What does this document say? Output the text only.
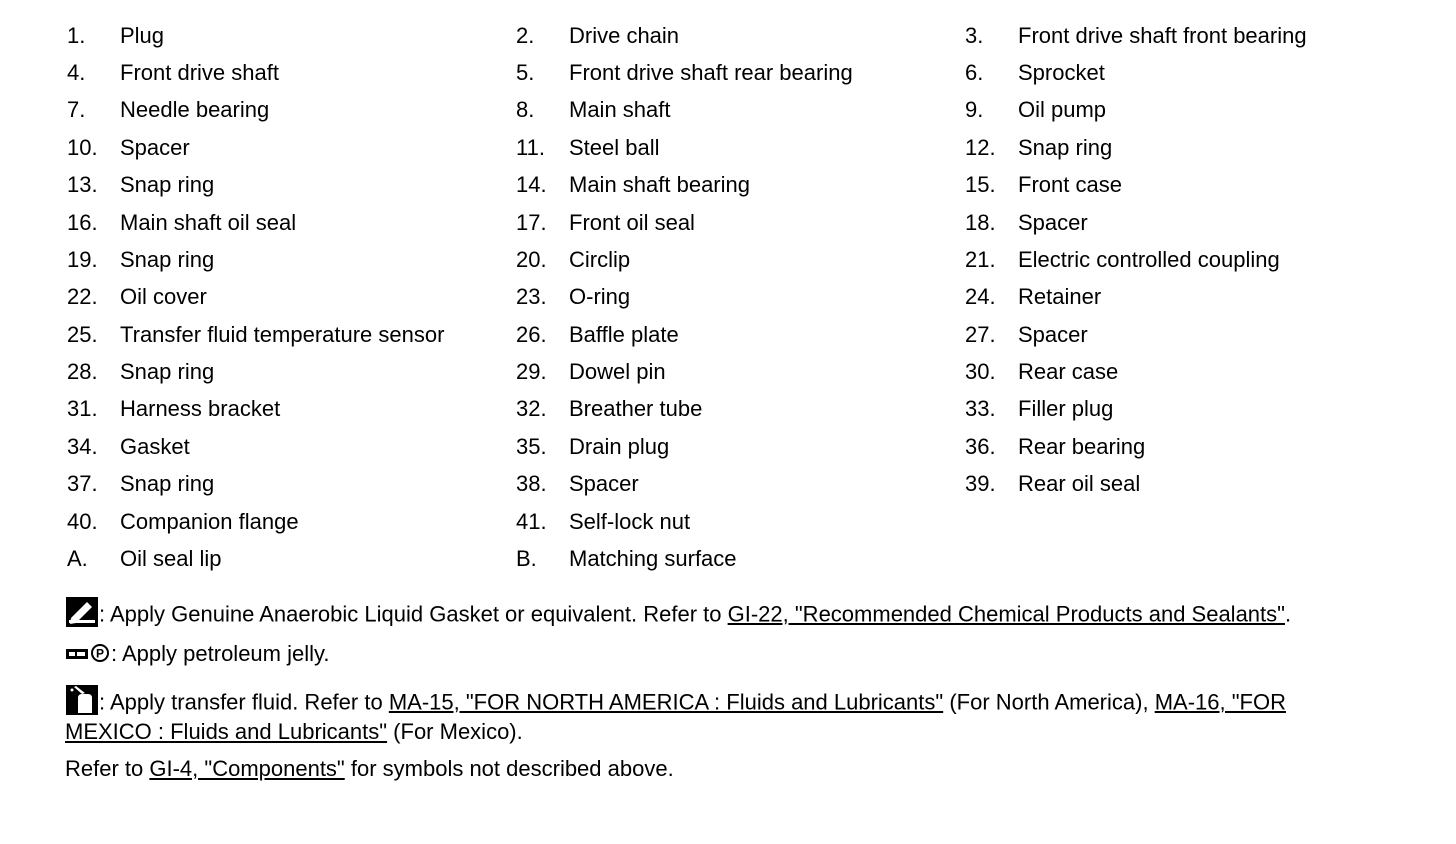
1. Plug	2. Drive chain	3. Front drive shaft front bearing
4. Front drive shaft	5. Front drive shaft rear bearing	6. Sprocket
7. Needle bearing	8. Main shaft	9. Oil pump
10. Spacer	11. Steel ball	12. Snap ring
13. Snap ring	14. Main shaft bearing	15. Front case
16. Main shaft oil seal	17. Front oil seal	18. Spacer
19. Snap ring	20. Circlip	21. Electric controlled coupling
22. Oil cover	23. O-ring	24. Retainer
25. Transfer fluid temperature sensor	26. Baffle plate	27. Spacer
28. Snap ring	29. Dowel pin	30. Rear case
31. Harness bracket	32. Breather tube	33. Filler plug
34. Gasket	35. Drain plug	36. Rear bearing
37. Snap ring	38. Spacer	39. Rear oil seal
40. Companion flange	41. Self-lock nut
A. Oil seal lip	B. Matching surface
: Apply Genuine Anaerobic Liquid Gasket or equivalent. Refer to GI-22, "Recommended Chemical Products and Sealants".
P : Apply petroleum jelly.
: Apply transfer fluid. Refer to MA-15, "FOR NORTH AMERICA : Fluids and Lubricants" (For North America), MA-16, "FOR
MEXICO : Fluids and Lubricants" (For Mexico).
Refer to GI-4, "Components" for symbols not described above.
